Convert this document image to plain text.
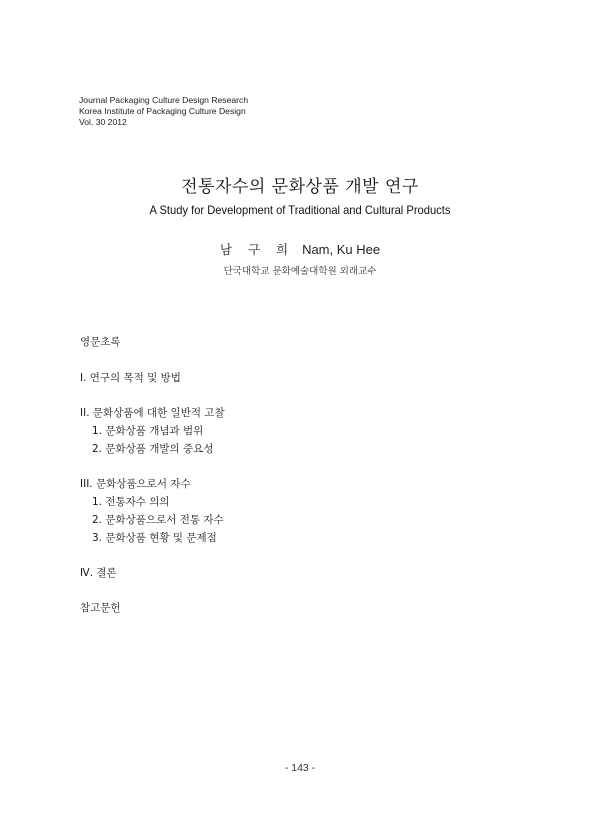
Journal Packaging Culture Design Research
Korea Institute of Packaging Culture Design
Vol. 30 2012
전통자수의 문화상품 개발 연구
A Study for Development of Traditional and Cultural Products
남 구 희 Nam, Ku Hee
단국대학교 문화예술대학원 외래교수
영문초록
Ⅰ. 연구의 목적 및 방법
II. 문화상품에 대한 일반적 고찰
1. 문화상품 개념과 범위
2. 문화상품 개발의 중요성
III. 문화상품으로서 자수
1. 전통자수 의의
2. 문화상품으로서 전통 자수
3. 문화상품 현황 및 문제점
Ⅳ. 결론
참고문헌
- 143 -
